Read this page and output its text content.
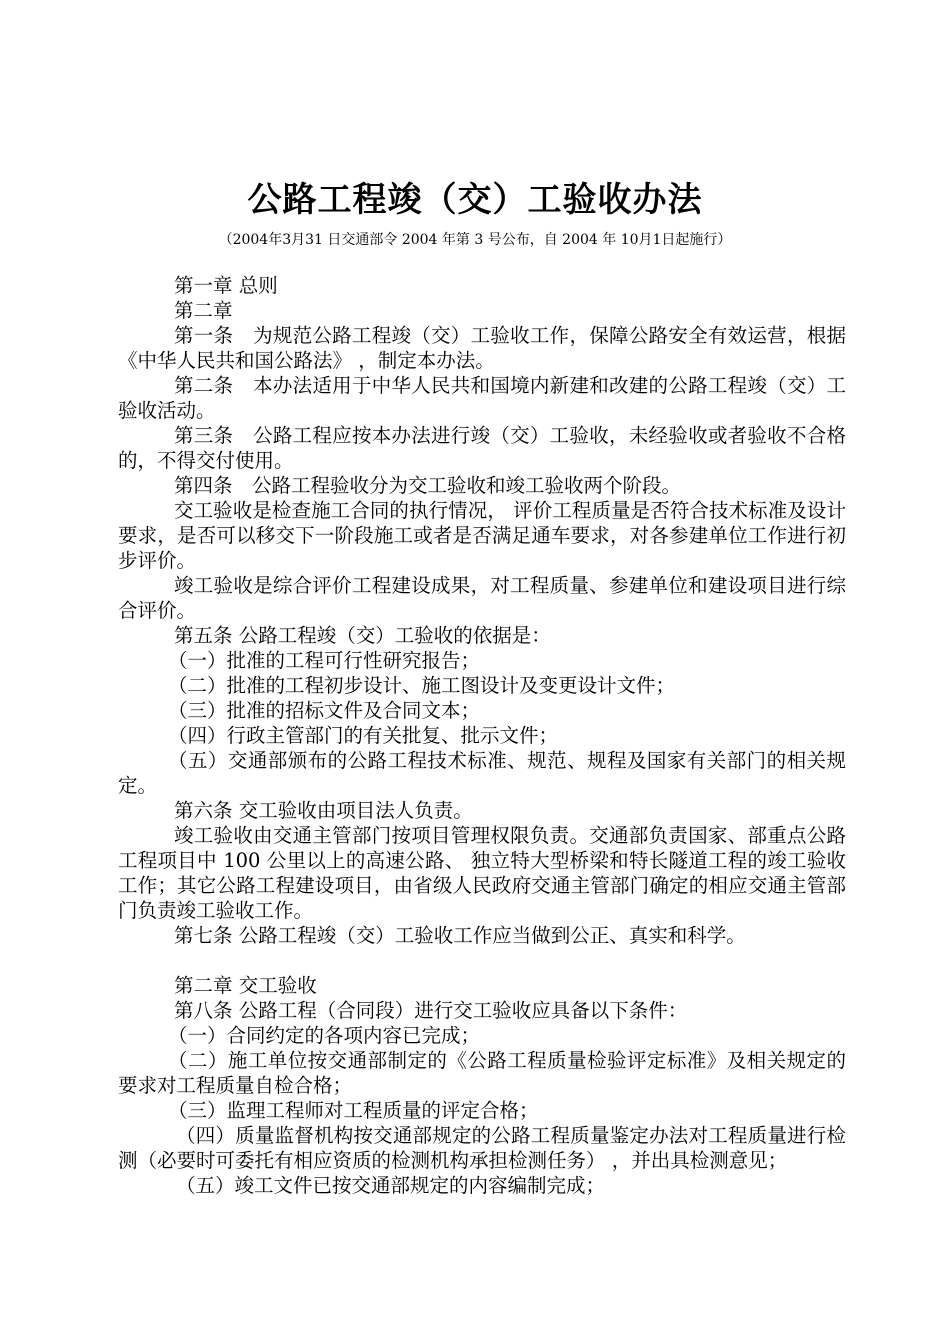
公路工程竣（交）工验收办法
（2004年3月31 日交通部令 2004 年第 3 号公布，自 2004 年 10月1日起施行）

第一章 总则

第二章

第一条　为规范公路工程竣（交）工验收工作，保障公路安全有效运营，根据《中华人民共和国公路法》 ，制定本办法。

第二条　本办法适用于中华人民共和国境内新建和改建的公路工程竣（交）工验收活动。

第三条　公路工程应按本办法进行竣（交）工验收，未经验收或者验收不合格的，不得交付使用。

第四条　公路工程验收分为交工验收和竣工验收两个阶段。

交工验收是检查施工合同的执行情况， 评价工程质量是否符合技术标准及设计要求，是否可以移交下一阶段施工或者是否满足通车要求，对各参建单位工作进行初步评价。

竣工验收是综合评价工程建设成果，对工程质量、参建单位和建设项目进行综合评价。

第五条 公路工程竣（交）工验收的依据是：

（一）批准的工程可行性研究报告；

（二）批准的工程初步设计、施工图设计及变更设计文件；

（三）批准的招标文件及合同文本；

（四）行政主管部门的有关批复、批示文件；

（五）交通部颁布的公路工程技术标准、规范、规程及国家有关部门的相关规定。

第六条 交工验收由项目法人负责。

竣工验收由交通主管部门按项目管理权限负责。交通部负责国家、部重点公路工程项目中 100 公里以上的高速公路、 独立特大型桥梁和特长隧道工程的竣工验收工作；其它公路工程建设项目，由省级人民政府交通主管部门确定的相应交通主管部门负责竣工验收工作。

第七条 公路工程竣（交）工验收工作应当做到公正、真实和科学。

第二章 交工验收

第八条 公路工程（合同段）进行交工验收应具备以下条件：

（一）合同约定的各项内容已完成；

（二）施工单位按交通部制定的《公路工程质量检验评定标准》及相关规定的要求对工程质量自检合格；

（三）监理工程师对工程质量的评定合格；

（四）质量监督机构按交通部规定的公路工程质量鉴定办法对工程质量进行检测（必要时可委托有相应资质的检测机构承担检测任务） ，并出具检测意见；

（五）竣工文件已按交通部规定的内容编制完成；
